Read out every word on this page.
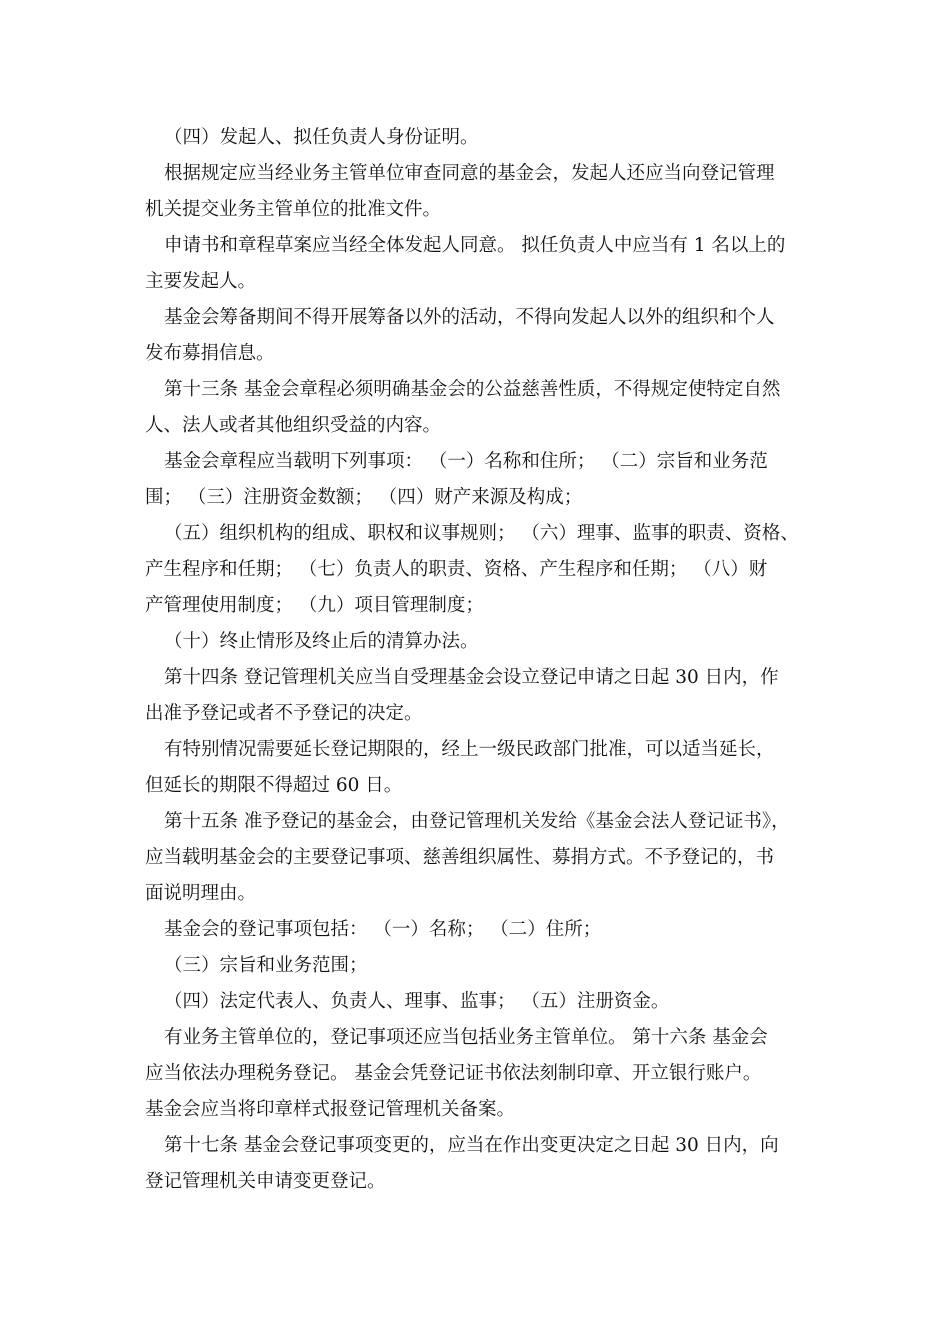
（四）发起人、拟任负责人身份证明。
根据规定应当经业务主管单位审查同意的基金会，发起人还应当向登记管理
机关提交业务主管单位的批准文件。
申请书和章程草案应当经全体发起人同意。 拟任负责人中应当有 1 名以上的
主要发起人。
基金会筹备期间不得开展筹备以外的活动，不得向发起人以外的组织和个人
发布募捐信息。
第十三条 基金会章程必须明确基金会的公益慈善性质，不得规定使特定自然
人、法人或者其他组织受益的内容。
基金会章程应当载明下列事项： （一）名称和住所； （二）宗旨和业务范
围； （三）注册资金数额； （四）财产来源及构成；
（五）组织机构的组成、职权和议事规则； （六）理事、监事的职责、资格、
产生程序和任期； （七）负责人的职责、资格、产生程序和任期； （八）财
产管理使用制度； （九）项目管理制度；
（十）终止情形及终止后的清算办法。
第十四条 登记管理机关应当自受理基金会设立登记申请之日起 30 日内，作
出准予登记或者不予登记的决定。
有特别情况需要延长登记期限的，经上一级民政部门批准，可以适当延长，
但延长的期限不得超过 60 日。
第十五条 准予登记的基金会，由登记管理机关发给《基金会法人登记证书》，
应当载明基金会的主要登记事项、慈善组织属性、募捐方式。不予登记的，书
面说明理由。
基金会的登记事项包括： （一）名称； （二）住所；
（三）宗旨和业务范围；
（四）法定代表人、负责人、理事、监事； （五）注册资金。
有业务主管单位的，登记事项还应当包括业务主管单位。 第十六条 基金会
应当依法办理税务登记。 基金会凭登记证书依法刻制印章、开立银行账户。
基金会应当将印章样式报登记管理机关备案。
第十七条 基金会登记事项变更的，应当在作出变更决定之日起 30 日内，向
登记管理机关申请变更登记。
